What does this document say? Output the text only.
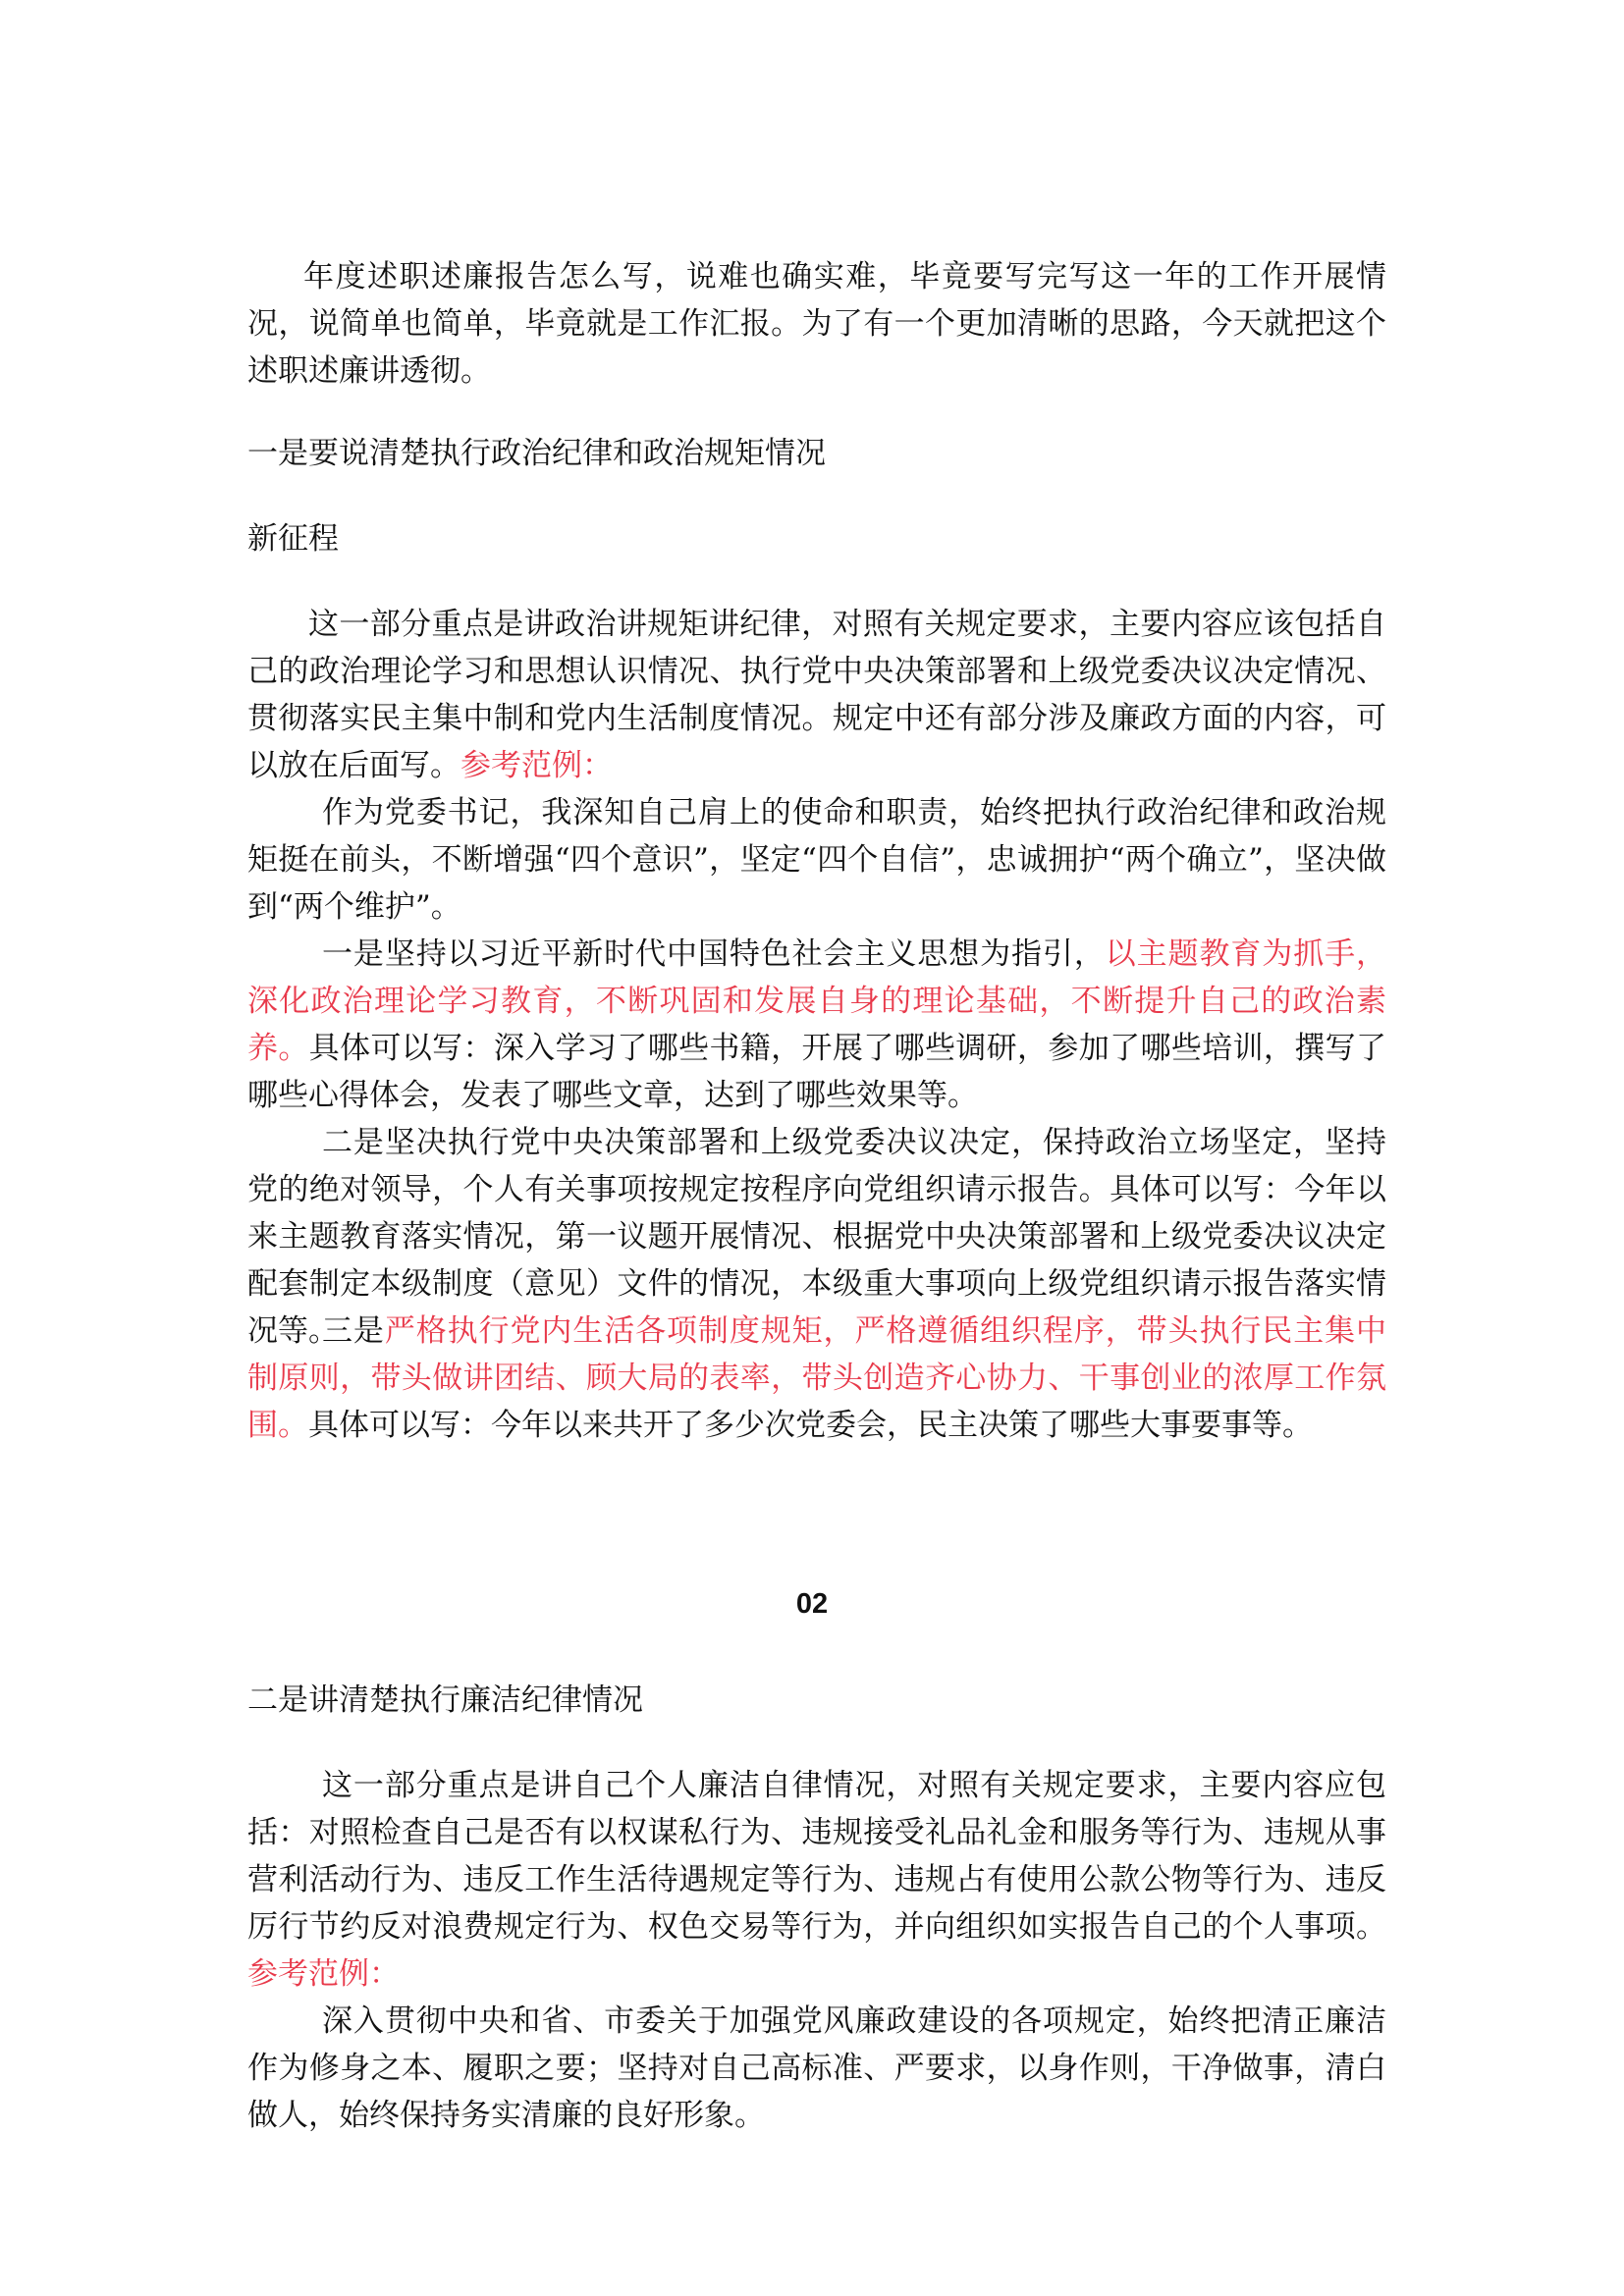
年度述职述廉报告怎么写，说难也确实难，毕竟要写完写这一年的工作开展情况，说简单也简单，毕竟就是工作汇报。为了有一个更加清晰的思路，今天就把这个述职述廉讲透彻。

一是要说清楚执行政治纪律和政治规矩情况

新征程

这一部分重点是讲政治讲规矩讲纪律，对照有关规定要求，主要内容应该包括自己的政治理论学习和思想认识情况、执行党中央决策部署和上级党委决议决定情况、贯彻落实民主集中制和党内生活制度情况。规定中还有部分涉及廉政方面的内容，可以放在后面写。参考范例：

作为党委书记，我深知自己肩上的使命和职责，始终把执行政治纪律和政治规矩挺在前头，不断增强“四个意识”，坚定“四个自信”，忠诚拥护“两个确立”，坚决做到“两个维护”。

一是坚持以习近平新时代中国特色社会主义思想为指引，以主题教育为抓手，深化政治理论学习教育，不断巩固和发展自身的理论基础，不断提升自己的政治素养。具体可以写：深入学习了哪些书籍，开展了哪些调研，参加了哪些培训，撰写了哪些心得体会，发表了哪些文章，达到了哪些效果等。

二是坚决执行党中央决策部署和上级党委决议决定，保持政治立场坚定，坚持党的绝对领导，个人有关事项按规定按程序向党组织请示报告。具体可以写：今年以来主题教育落实情况，第一议题开展情况、根据党中央决策部署和上级党委决议决定配套制定本级制度（意见）文件的情况，本级重大事项向上级党组织请示报告落实情况等。

三是严格执行党内生活各项制度规矩，严格遵循组织程序，带头执行民主集中制原则，带头做讲团结、顾大局的表率，带头创造齐心协力、干事创业的浓厚工作氛围。具体可以写：今年以来共开了多少次党委会，民主决策了哪些大事要事等。

02

二是讲清楚执行廉洁纪律情况

这一部分重点是讲自己个人廉洁自律情况，对照有关规定要求，主要内容应包括：对照检查自己是否有以权谋私行为、违规接受礼品礼金和服务等行为、违规从事营利活动行为、违反工作生活待遇规定等行为、违规占有使用公款公物等行为、违反厉行节约反对浪费规定行为、权色交易等行为，并向组织如实报告自己的个人事项。参考范例：

深入贯彻中央和省、市委关于加强党风廉政建设的各项规定，始终把清正廉洁作为修身之本、履职之要；坚持对自己高标准、严要求，以身作则，干净做事，清白做人，始终保持务实清廉的良好形象。
